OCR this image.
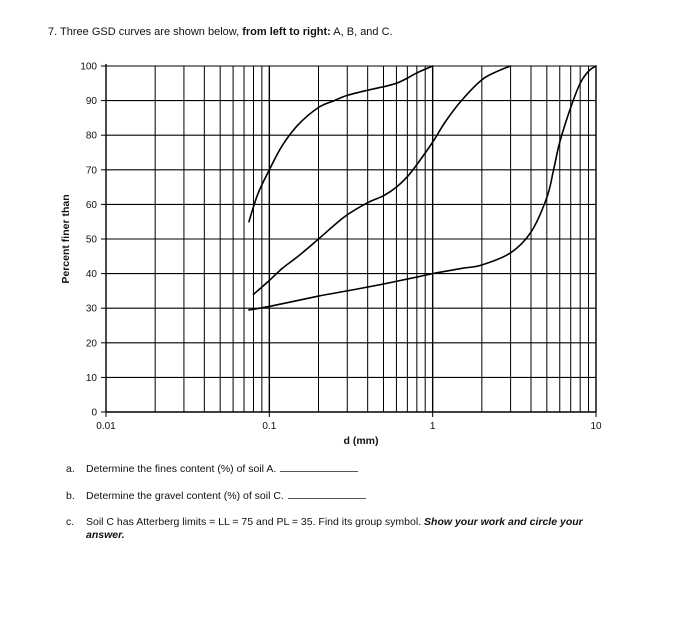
7. Three GSD curves are shown below, from left to right: A, B, and C.
0
10
20
30
40
50
60
70
80
90
100
0.01	0.1	1	10
d (mm)
Percent finer than
a. Determine the fines content (%) of soil A.
b. Determine the gravel content (%) of soil C.
c. Soil C has Atterberg limits = LL = 75 and PL = 35. Find its group symbol. Show your work and circle your
answer.
